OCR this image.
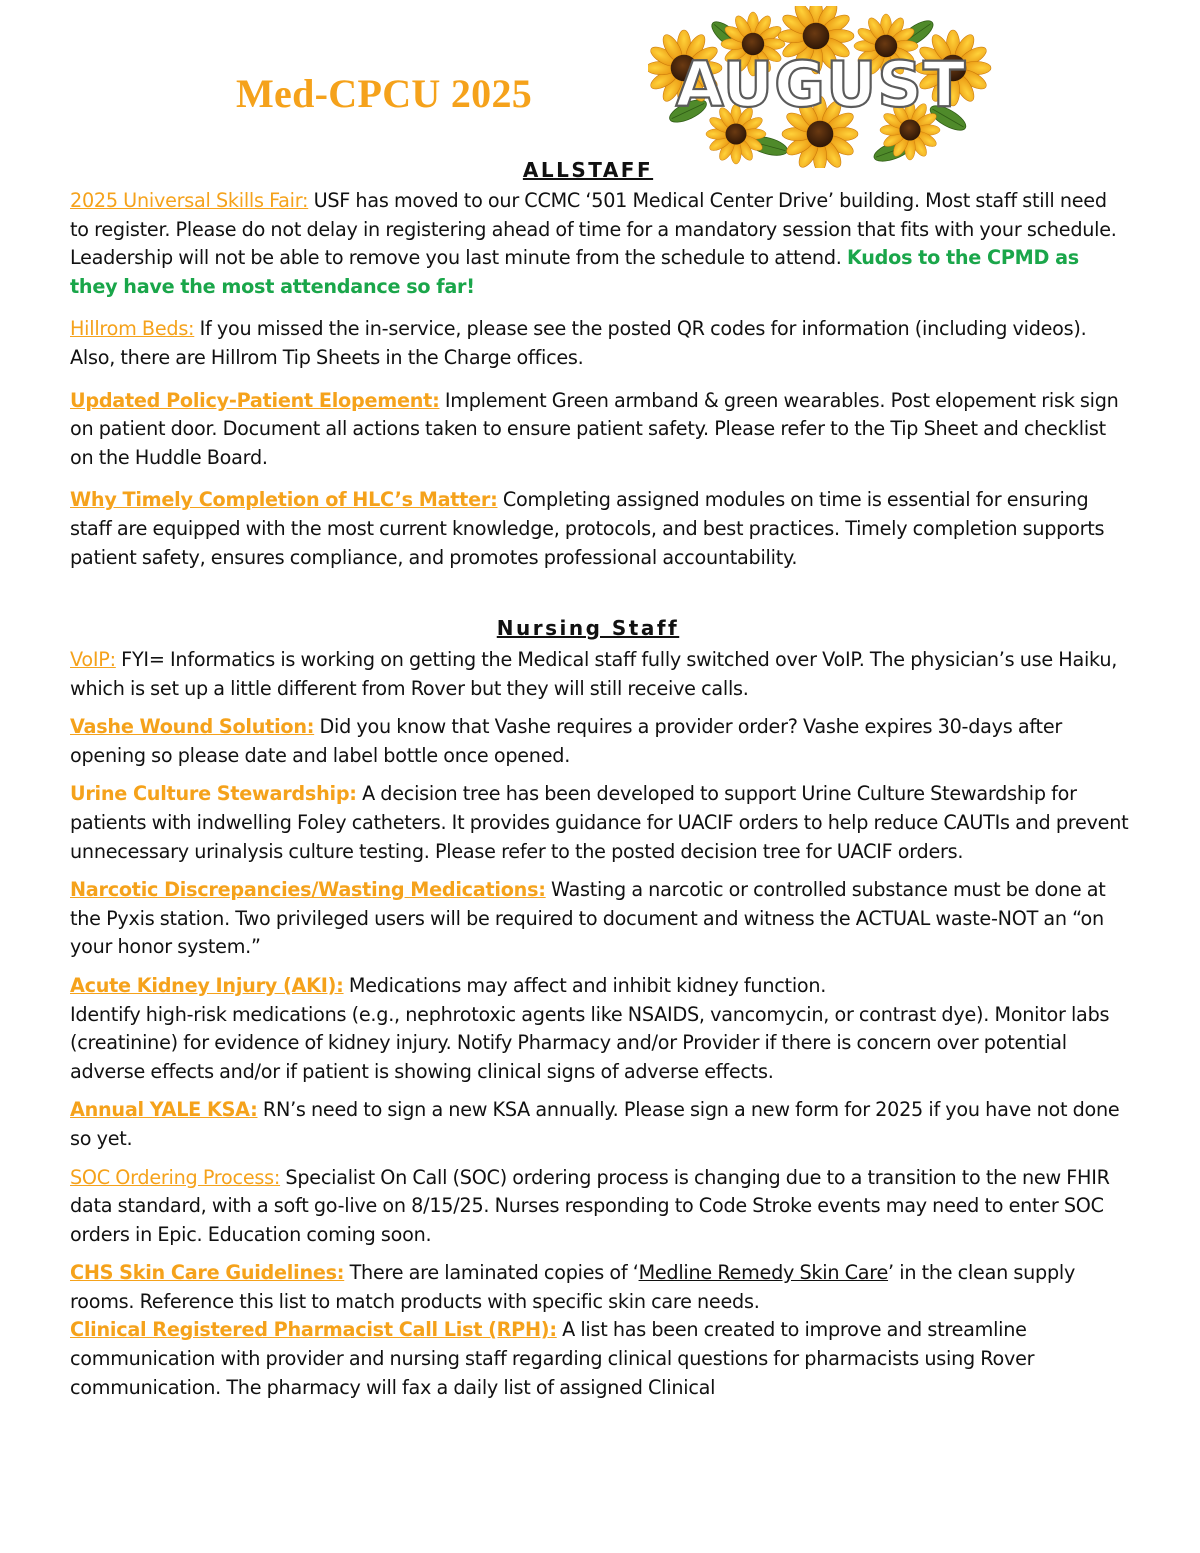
Med-CPCU 2025 AUGUST
ALLSTAFF

2025 Universal Skills Fair: USF has moved to our CCMC ‘501 Medical Center Drive’ building. Most staff still need to register. Please do not delay in registering ahead of time for a mandatory session that fits with your schedule. Leadership will not be able to remove you last minute from the schedule to attend. Kudos to the CPMD as they have the most attendance so far!

Hillrom Beds: If you missed the in-service, please see the posted QR codes for information (including videos). Also, there are Hillrom Tip Sheets in the Charge offices.

Updated Policy-Patient Elopement: Implement Green armband & green wearables. Post elopement risk sign on patient door. Document all actions taken to ensure patient safety. Please refer to the Tip Sheet and checklist on the Huddle Board.

Why Timely Completion of HLC’s Matter: Completing assigned modules on time is essential for ensuring staff are equipped with the most current knowledge, protocols, and best practices. Timely completion supports patient safety, ensures compliance, and promotes professional accountability.

Nursing Staff

VoIP: FYI= Informatics is working on getting the Medical staff fully switched over VoIP. The physician’s use Haiku, which is set up a little different from Rover but they will still receive calls.

Vashe Wound Solution: Did you know that Vashe requires a provider order? Vashe expires 30-days after opening so please date and label bottle once opened.

Urine Culture Stewardship: A decision tree has been developed to support Urine Culture Stewardship for patients with indwelling Foley catheters. It provides guidance for UACIF orders to help reduce CAUTIs and prevent unnecessary urinalysis culture testing. Please refer to the posted decision tree for UACIF orders.

Narcotic Discrepancies/Wasting Medications: Wasting a narcotic or controlled substance must be done at the Pyxis station. Two privileged users will be required to document and witness the ACTUAL waste-NOT an “on your honor system.”

Acute Kidney Injury (AKI): Medications may affect and inhibit kidney function.
Identify high-risk medications (e.g., nephrotoxic agents like NSAIDS, vancomycin, or contrast dye). Monitor labs (creatinine) for evidence of kidney injury. Notify Pharmacy and/or Provider if there is concern over potential adverse effects and/or if patient is showing clinical signs of adverse effects.

Annual YALE KSA: RN’s need to sign a new KSA annually. Please sign a new form for 2025 if you have not done so yet.

SOC Ordering Process: Specialist On Call (SOC) ordering process is changing due to a transition to the new FHIR data standard, with a soft go-live on 8/15/25. Nurses responding to Code Stroke events may need to enter SOC orders in Epic. Education coming soon.

CHS Skin Care Guidelines: There are laminated copies of ‘Medline Remedy Skin Care’ in the clean supply rooms. Reference this list to match products with specific skin care needs.

Clinical Registered Pharmacist Call List (RPH): A list has been created to improve and streamline communication with provider and nursing staff regarding clinical questions for pharmacists using Rover communication. The pharmacy will fax a daily list of assigned Clinical
